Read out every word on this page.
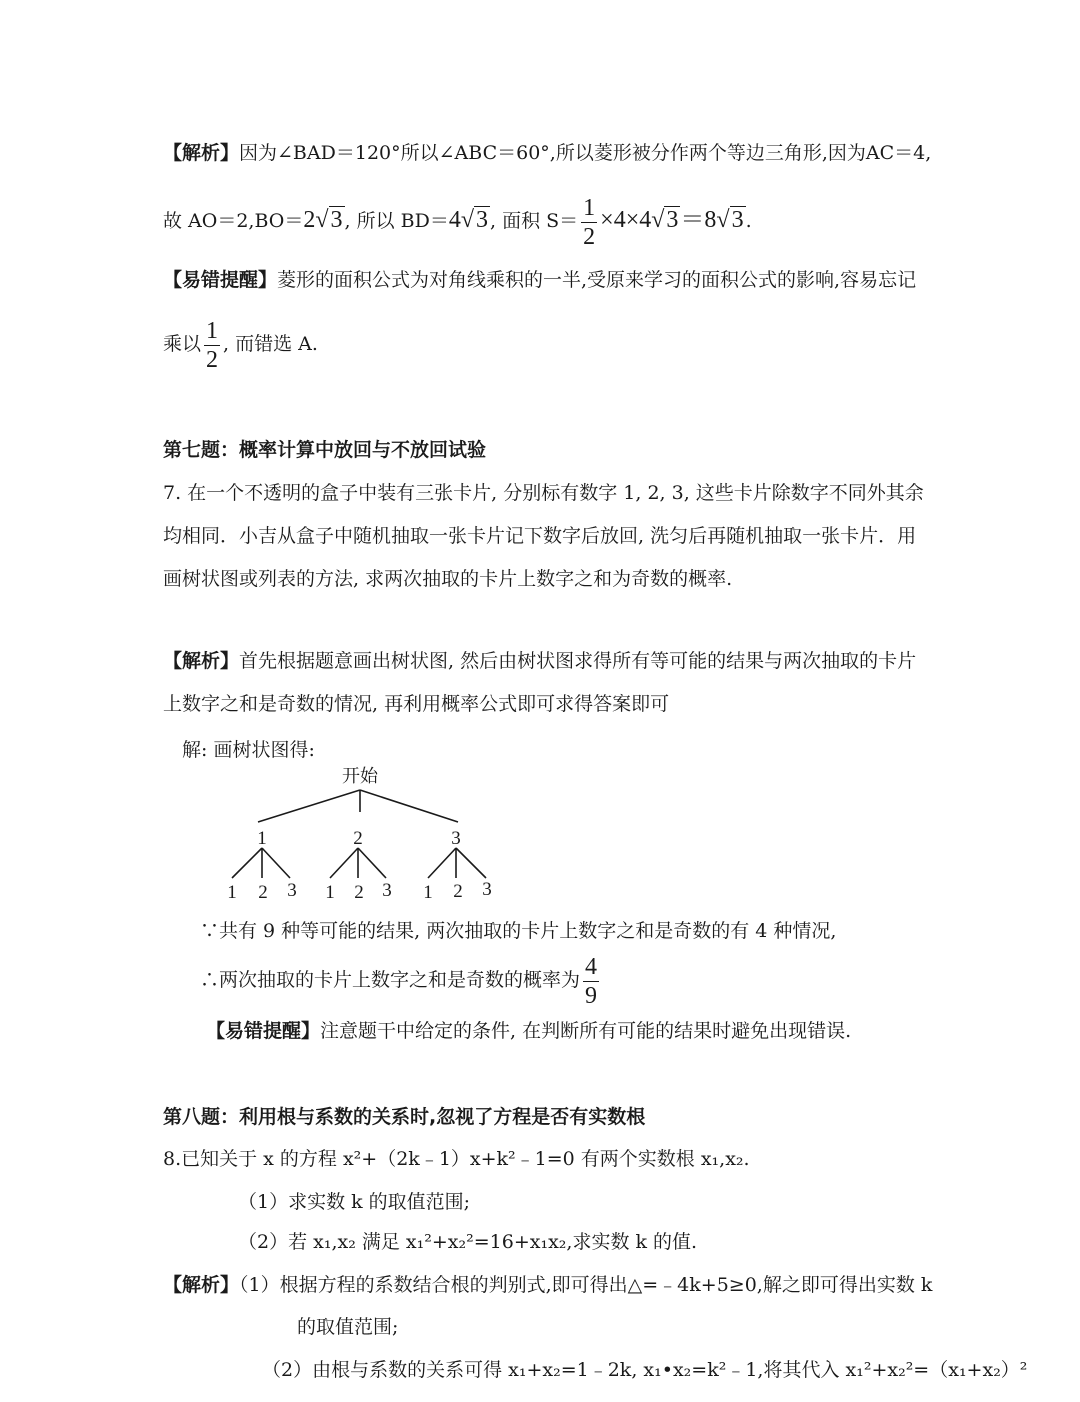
【解析】因为∠BAD＝120°所以∠ABC＝60°,所以菱形被分作两个等边三角形,因为AC＝4,
故 AO＝2,BO＝2√3 , 所以 BD＝4√3 , 面积 $S= \frac{1}{2} \times 4\times 4√3=8√3$ .
【易错提醒】菱形的面积公式为对角线乘积的一半,受原来学习的面积公式的影响,容易忘记
乘以 $\frac{1}{2}$ , 而错选 A.
第七题：概率计算中放回与不放回试验
7. 在一个不透明的盒子中装有三张卡片, 分别标有数字 1, 2, 3, 这些卡片除数字不同外其余
均相同．小吉从盒子中随机抽取一张卡片记下数字后放回, 洗匀后再随机抽取一张卡片．用
画树状图或列表的方法, 求两次抽取的卡片上数字之和为奇数的概率.
【解析】首先根据题意画出树状图, 然后由树状图求得所有等可能的结果与两次抽取的卡片
上数字之和是奇数的情况, 再利用概率公式即可求得答案即可
解: 画树状图得:
开始
1	2	3
1 2 3 1 2 3 1 2 3
∵共有 9 种等可能的结果, 两次抽取的卡片上数字之和是奇数的有 4 种情况,
∴两次抽取的卡片上数字之和是奇数的概率为 $\frac{4}{9}$
【易错提醒】注意题干中给定的条件, 在判断所有可能的结果时避免出现错误.
第八题：利用根与系数的关系时,忽视了方程是否有实数根
8.已知关于 x 的方程 x²+（2k﹣1）x+k²﹣1=0 有两个实数根 x₁,x₂.
（1）求实数 k 的取值范围;
（2）若 x₁,x₂ 满足 x₁²+x₂²=16+x₁x₂,求实数 k 的值.
【解析】（1）根据方程的系数结合根的判别式,即可得出△=﹣4k+5≥0,解之即可得出实数 k
的取值范围;
（2）由根与系数的关系可得 x₁+x₂=1﹣2k, x₁•x₂=k²﹣1,将其代入 x₁²+x₂²=（x₁+x₂）²
